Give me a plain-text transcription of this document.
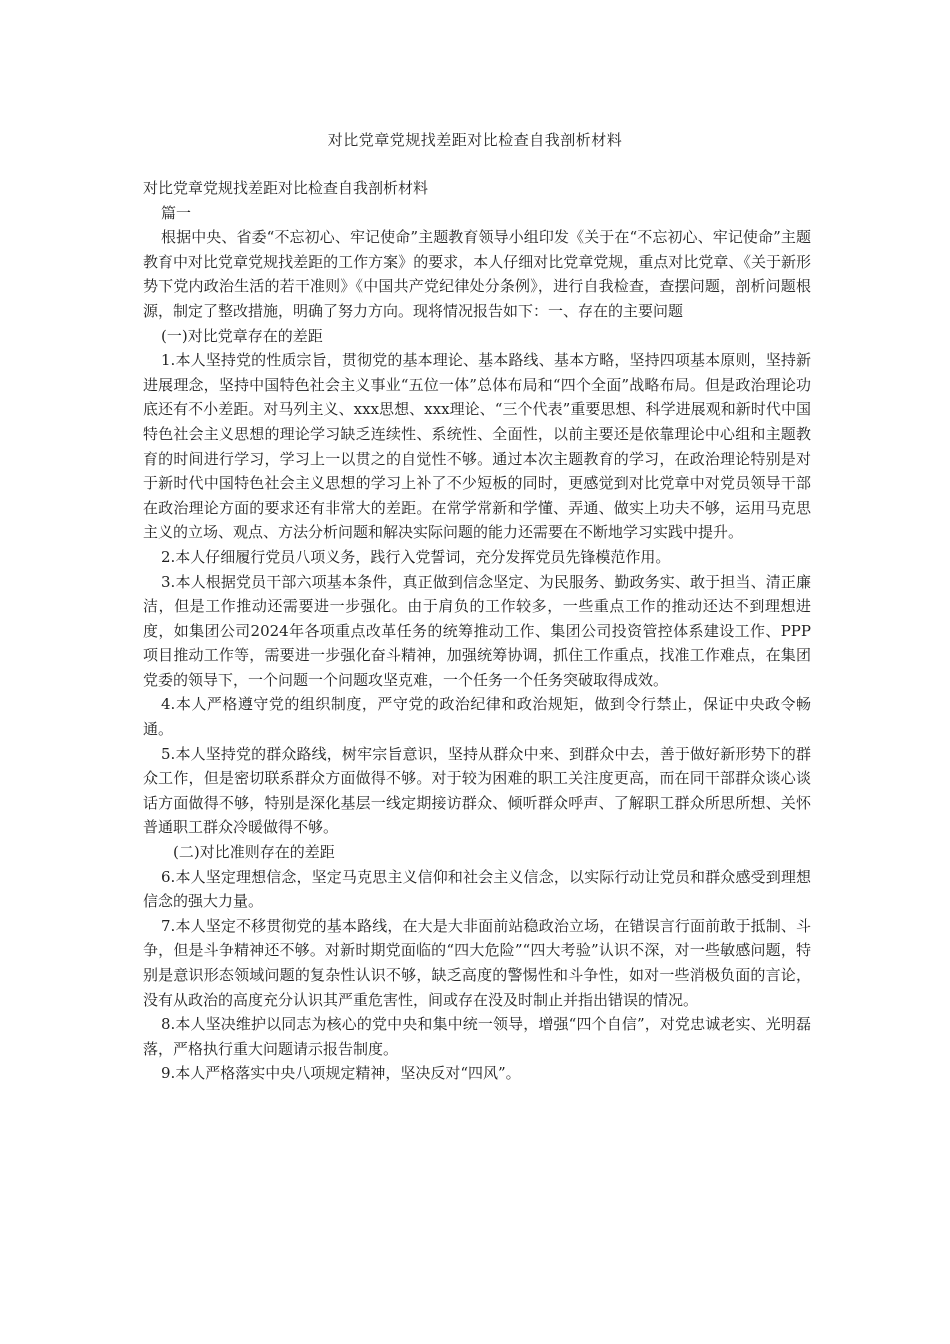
对比党章党规找差距对比检查自我剖析材料

对比党章党规找差距对比检查自我剖析材料

篇一

根据中央、省委“不忘初心、牢记使命”主题教育领导小组印发《关于在“不忘初心、牢记使命”主题教育中对比党章党规找差距的工作方案》的要求，本人仔细对比党章党规，重点对比党章、《关于新形势下党内政治生活的若干准则》《中国共产党纪律处分条例》，进行自我检查，查摆问题，剖析问题根源，制定了整改措施，明确了努力方向。现将情况报告如下：一、存在的主要问题

(一)对比党章存在的差距

1.本人坚持党的性质宗旨，贯彻党的基本理论、基本路线、基本方略，坚持四项基本原则，坚持新进展理念，坚持中国特色社会主义事业“五位一体”总体布局和“四个全面”战略布局。但是政治理论功底还有不小差距。对马列主义、xxx思想、xxx理论、“三个代表”重要思想、科学进展观和新时代中国特色社会主义思想的理论学习缺乏连续性、系统性、全面性，以前主要还是依靠理论中心组和主题教育的时间进行学习，学习上一以贯之的自觉性不够。通过本次主题教育的学习，在政治理论特别是对于新时代中国特色社会主义思想的学习上补了不少短板的同时，更感觉到对比党章中对党员领导干部在政治理论方面的要求还有非常大的差距。在常学常新和学懂、弄通、做实上功夫不够，运用马克思主义的立场、观点、方法分析问题和解决实际问题的能力还需要在不断地学习实践中提升。

2.本人仔细履行党员八项义务，践行入党誓词，充分发挥党员先锋模范作用。

3.本人根据党员干部六项基本条件，真正做到信念坚定、为民服务、勤政务实、敢于担当、清正廉洁，但是工作推动还需要进一步强化。由于肩负的工作较多，一些重点工作的推动还达不到理想进度，如集团公司2024年各项重点改革任务的统筹推动工作、集团公司投资管控体系建设工作、PPP项目推动工作等，需要进一步强化奋斗精神，加强统筹协调，抓住工作重点，找准工作难点，在集团党委的领导下，一个问题一个问题攻坚克难，一个任务一个任务突破取得成效。

4.本人严格遵守党的组织制度，严守党的政治纪律和政治规矩，做到令行禁止，保证中央政令畅通。

5.本人坚持党的群众路线，树牢宗旨意识，坚持从群众中来、到群众中去，善于做好新形势下的群众工作，但是密切联系群众方面做得不够。对于较为困难的职工关注度更高，而在同干部群众谈心谈话方面做得不够，特别是深化基层一线定期接访群众、倾听群众呼声、了解职工群众所思所想、关怀普通职工群众冷暖做得不够。

(二)对比准则存在的差距

6.本人坚定理想信念，坚定马克思主义信仰和社会主义信念，以实际行动让党员和群众感受到理想信念的强大力量。

7.本人坚定不移贯彻党的基本路线，在大是大非面前站稳政治立场，在错误言行面前敢于抵制、斗争，但是斗争精神还不够。对新时期党面临的“四大危险”“四大考验”认识不深，对一些敏感问题，特别是意识形态领域问题的复杂性认识不够，缺乏高度的警惕性和斗争性，如对一些消极负面的言论，没有从政治的高度充分认识其严重危害性，间或存在没及时制止并指出错误的情况。

8.本人坚决维护以同志为核心的党中央和集中统一领导，增强“四个自信”，对党忠诚老实、光明磊落，严格执行重大问题请示报告制度。

9.本人严格落实中央八项规定精神，坚决反对“四风”。
